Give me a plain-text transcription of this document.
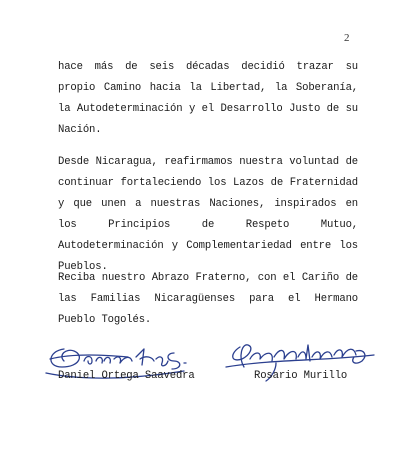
2
hace más de seis décadas decidió trazar su propio Camino hacia la Libertad, la Soberanía, la Autodeterminación y el Desarrollo Justo de su Nación.
Desde Nicaragua, reafirmamos nuestra voluntad de continuar fortaleciendo los Lazos de Fraternidad y que unen a nuestras Naciones, inspirados en los Principios de Respeto Mutuo, Autodeterminación y Complementariedad entre los Pueblos.
Reciba nuestro Abrazo Fraterno, con el Cariño de las Familias Nicaragüenses para el Hermano Pueblo Togolés.
Daniel Ortega Saavedra	Rosario Murillo
